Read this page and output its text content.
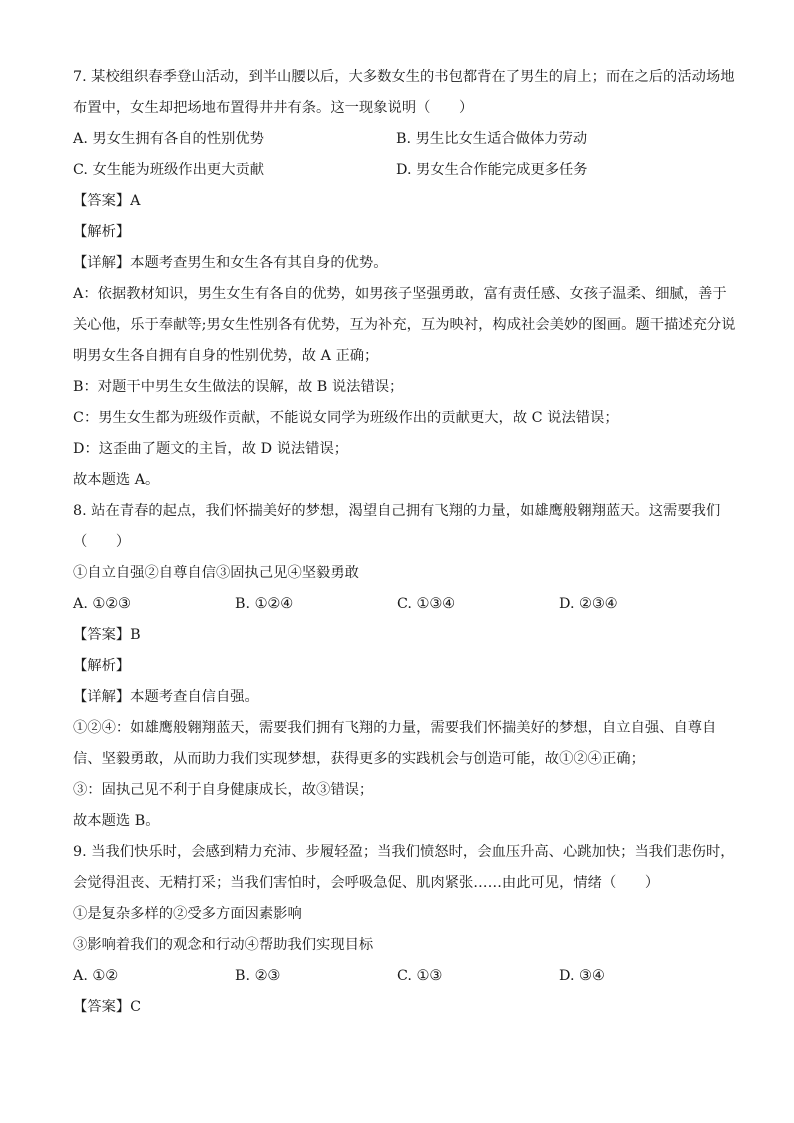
7. 某校组织春季登山活动，到半山腰以后，大多数女生的书包都背在了男生的肩上；而在之后的活动场地
布置中，女生却把场地布置得井井有条。这一现象说明（　　）
A. 男女生拥有各自的性别优势	B. 男生比女生适合做体力劳动
C. 女生能为班级作出更大贡献	D. 男女生合作能完成更多任务
【答案】A
【解析】
【详解】本题考查男生和女生各有其自身的优势。
A：依据教材知识，男生女生有各自的优势，如男孩子坚强勇敢，富有责任感、女孩子温柔、细腻，善于
关心他，乐于奉献等;男女生性别各有优势，互为补充，互为映衬，构成社会美妙的图画。题干描述充分说
明男女生各自拥有自身的性别优势，故 A 正确；
B：对题干中男生女生做法的误解，故 B 说法错误；
C：男生女生都为班级作贡献，不能说女同学为班级作出的贡献更大，故 C 说法错误；
D：这歪曲了题文的主旨，故 D 说法错误；
故本题选 A。
8. 站在青春的起点，我们怀揣美好的梦想，渴望自己拥有飞翔的力量，如雄鹰般翱翔蓝天。这需要我们
（　　）
①自立自强②自尊自信③固执己见④坚毅勇敢
A. ①②③	B. ①②④	C. ①③④	D. ②③④
【答案】B
【解析】
【详解】本题考查自信自强。
①②④：如雄鹰般翱翔蓝天，需要我们拥有飞翔的力量，需要我们怀揣美好的梦想，自立自强、自尊自
信、坚毅勇敢，从而助力我们实现梦想，获得更多的实践机会与创造可能，故①②④正确；
③：固执己见不利于自身健康成长，故③错误；
故本题选 B。
9. 当我们快乐时，会感到精力充沛、步履轻盈；当我们愤怒时，会血压升高、心跳加快；当我们悲伤时，
会觉得沮丧、无精打采；当我们害怕时，会呼吸急促、肌肉紧张……由此可见，情绪（　　）
①是复杂多样的②受多方面因素影响
③影响着我们的观念和行动④帮助我们实现目标
A. ①②	B. ②③	C. ①③	D. ③④
【答案】C
